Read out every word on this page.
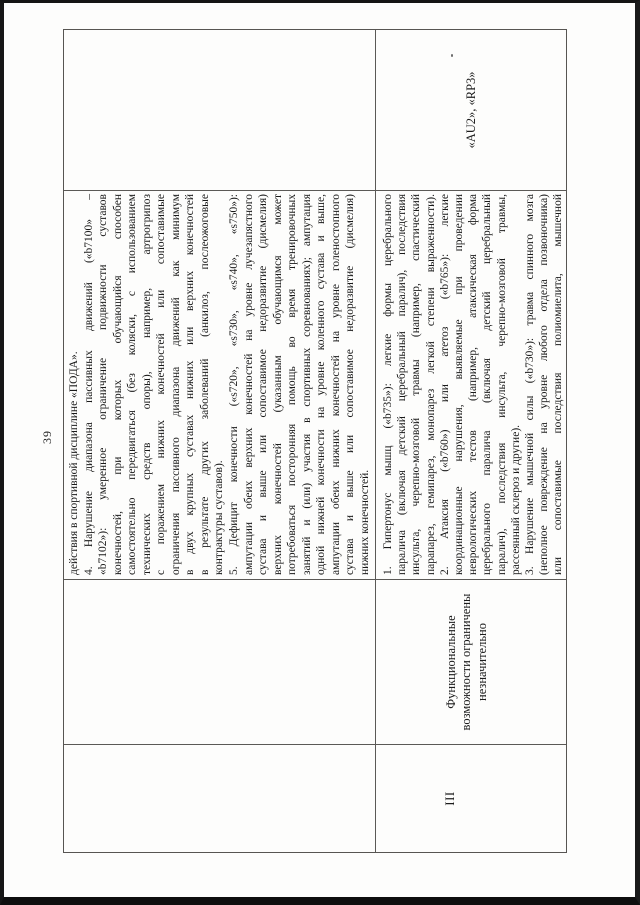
39 действия в спортивной дисциплине «ПОДА». 4. Нарушение диапазона пассивных движений («b7100» – «b7102»): умеренное ограничение подвижности суставов конечностей, при которых обучающийся способен самостоятельно передвигаться (без коляски, с использованием технических средств опоры), например, артрогрипоз с поражением нижних конечностей или сопоставимые ограничения пассивного диапазона движений как минимум в двух крупных суставах нижних или верхних конечностей в результате других заболеваний (анкилоз, послеожоговые контрактуры суставов). 5. Дефицит конечности («s720», «s730», «s740», «s750»): ампутации обеих верхних конечностей на уровне лучезапястного сустава и выше или сопоставимое недоразвитие (дисмелия) верхних конечностей (указанным обучающимся может потребоваться посторонняя помощь во время тренировочных занятий и (или) участия в спортивных соревнованиях); ампутация одной нижней конечности на уровне коленного сустава и выше, ампутации обеих нижних конечностей на уровне голеностопного сустава и выше или сопоставимое недоразвитие (дисмелия) нижних конечностей.
III
Функциональные возможности ограничены незначительно
1. Гипертонус мышц («b735»): легкие формы церебрального паралича (включая детский церебральный паралич), последствия инсульта, черепно-мозговой травмы (например, спастический парапарез, гемипарез, монопарез легкой степени выраженности). 2. Атаксия («b760») или атетоз («b765»): легкие координационные нарушения, выявляемые при проведении неврологических тестов (например, атаксическая форма церебрального паралича (включая детский церебральный паралич), последствия инсульта, черепно-мозговой травмы, рассеянный склероз и другие). 3. Нарушение мышечной силы («b730»): травма спинного мозга (неполное повреждение на уровне любого отдела позвоночника) или сопоставимые последствия полиомиелита, мышечной
«AU2», «RP3»
